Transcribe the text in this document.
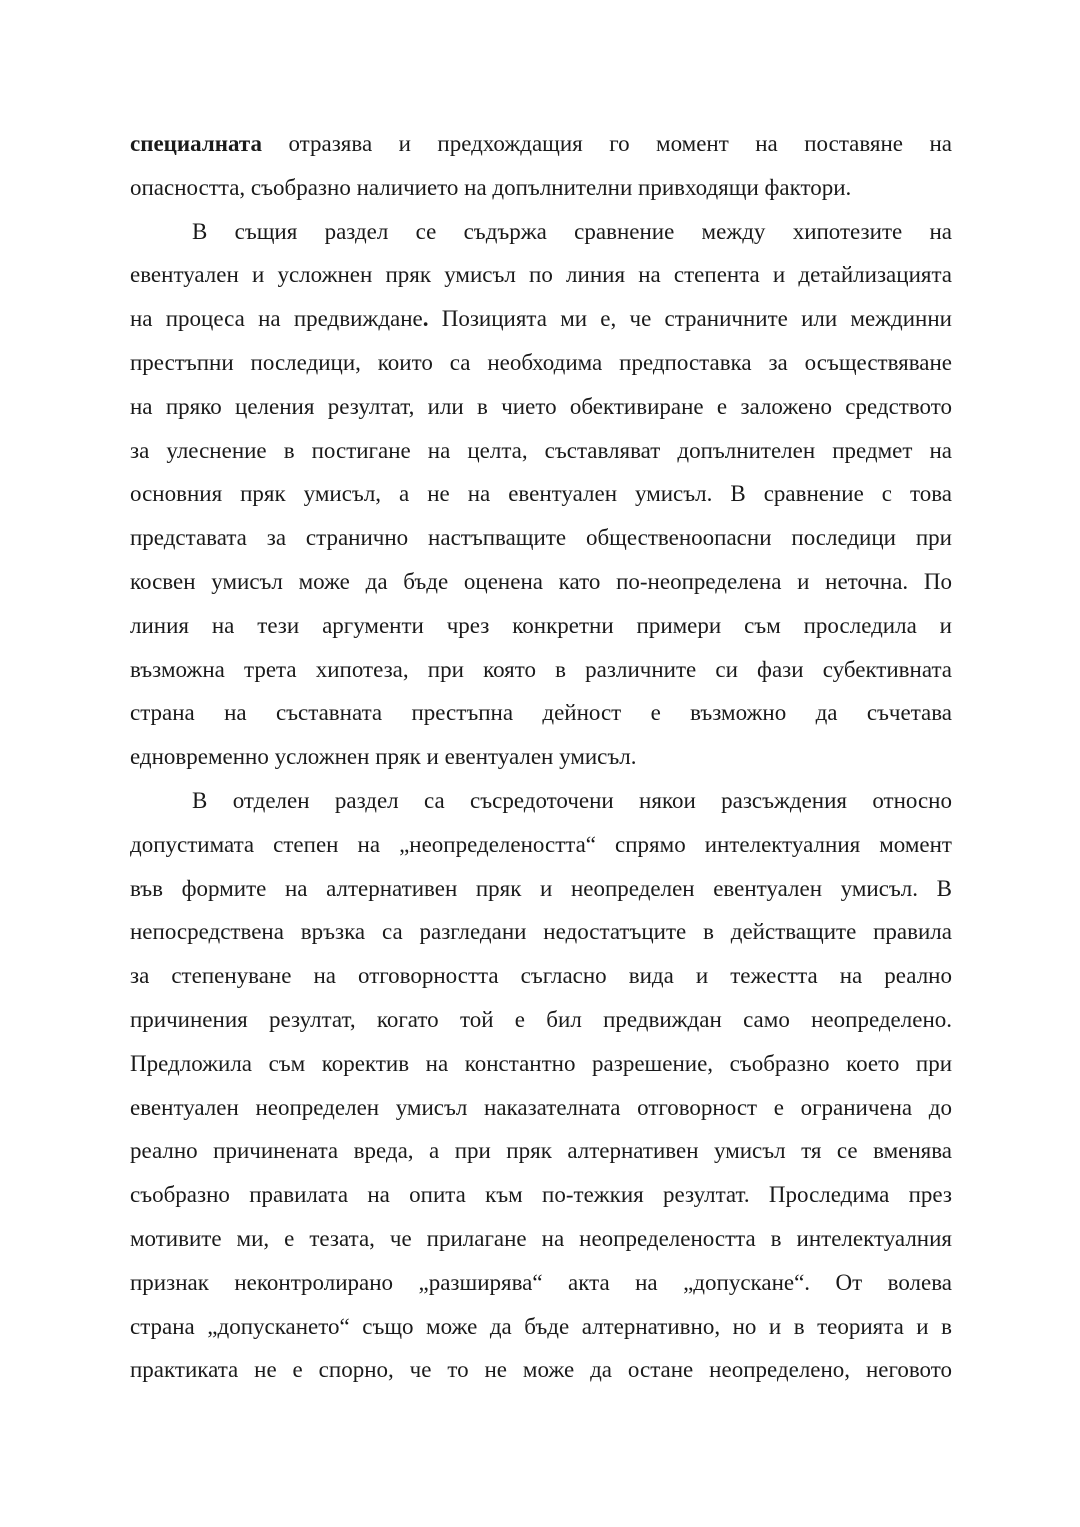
специалната отразява и предхождащия го момент на поставяне на
опасността, съобразно наличието на допълнителни привходящи фактори.
В същия раздел се съдържа сравнение между хипотезите на
евентуален и усложнен пряк умисъл по линия на степента и детайлизацията
на процеса на предвиждане. Позицията ми е, че страничните или междинни
престъпни последици, които са необходима предпоставка за осъществяване
на пряко целения резултат, или в чието обективиране е заложено средството
за улеснение в постигане на целта, съставляват допълнителен предмет на
основния пряк умисъл, а не на евентуален умисъл. В сравнение с това
представата за странично настъпващите общественоопасни последици при
косвен умисъл може да бъде оценена като по-неопределена и неточна. По
линия на тези аргументи чрез конкретни примери съм проследила и
възможна трета хипотеза, при която в различните си фази субективната
страна на съставната престъпна дейност е възможно да съчетава
едновременно усложнен пряк и евентуален умисъл.
В отделен раздел са съсредоточени някои разсъждения относно
допустимата степен на „неопределеността“ спрямо интелектуалния момент
във формите на алтернативен пряк и неопределен евентуален умисъл. В
непосредствена връзка са разгледани недостатъците в действащите правила
за степенуване на отговорността съгласно вида и тежестта на реално
причинения резултат, когато той е бил предвиждан само неопределено.
Предложила съм коректив на константно разрешение, съобразно което при
евентуален неопределен умисъл наказателната отговорност е ограничена до
реално причинената вреда, а при пряк алтернативен умисъл тя се вменява
съобразно правилата на опита към по-тежкия резултат. Проследима през
мотивите ми, е тезата, че прилагане на неопределеността в интелектуалния
признак неконтролирано „разширява“ акта на „допускане“. От волева
страна „допускането“ също може да бъде алтернативно, но и в теорията и в
практиката не е спорно, че то не може да остане неопределено, неговото
